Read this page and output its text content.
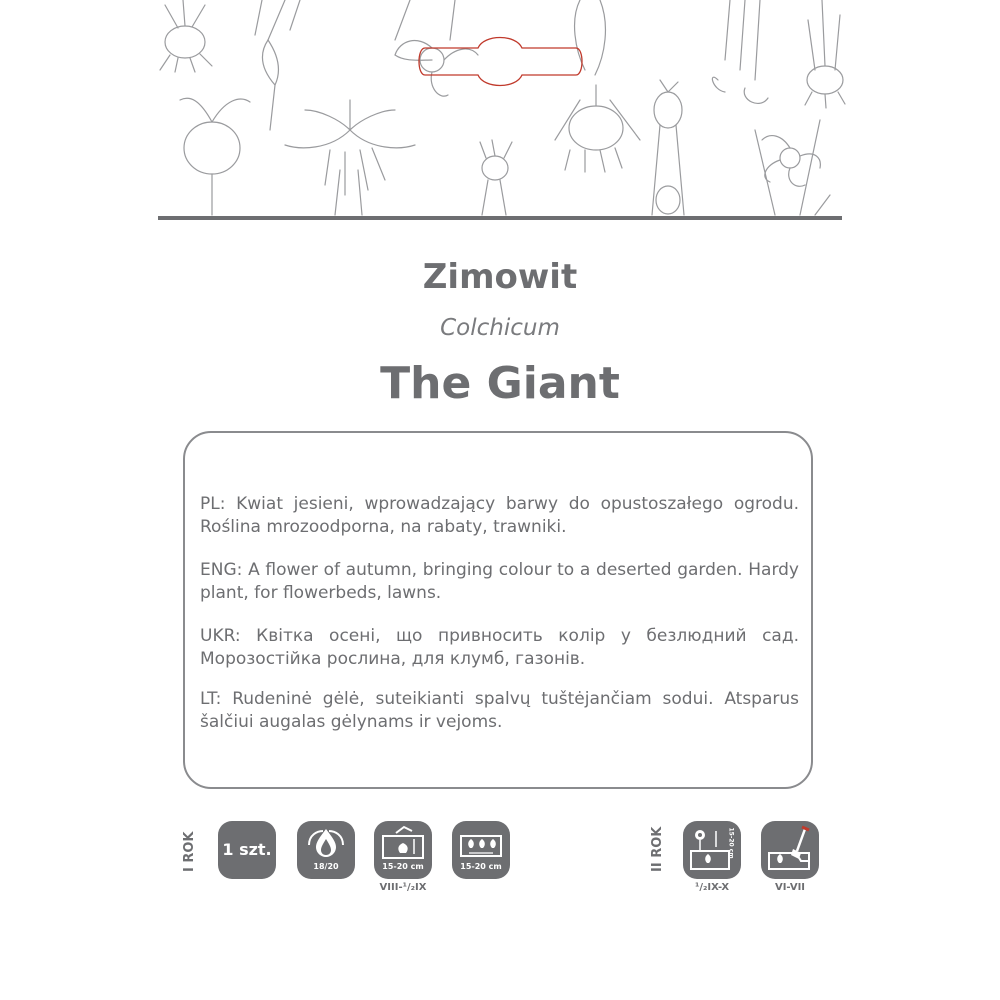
Zimowit
Colchicum
The Giant

PL: Kwiat jesieni, wprowadzający barwy do opustoszałego ogrodu. Roślina mrozoodporna, na rabaty, trawniki.

ENG: A flower of autumn, bringing colour to a deserted garden. Hardy plant, for flowerbeds, lawns.

UKR: Квітка осені, що привносить колір у безлюдний сад. Морозостійка рослина, для клумб, газонів.

LT: Rudeninė gėlė, suteikianti spalvų tuštėjančiam sodui. Atsparus šalčiui augalas gėlynams ir vejoms.

I ROK 1 szt.
18/20	15-20 cm
VIII-¹/₂IX
15-20 cm	II ROK	15-20 cm
¹/₂IX-X	VI-VII
